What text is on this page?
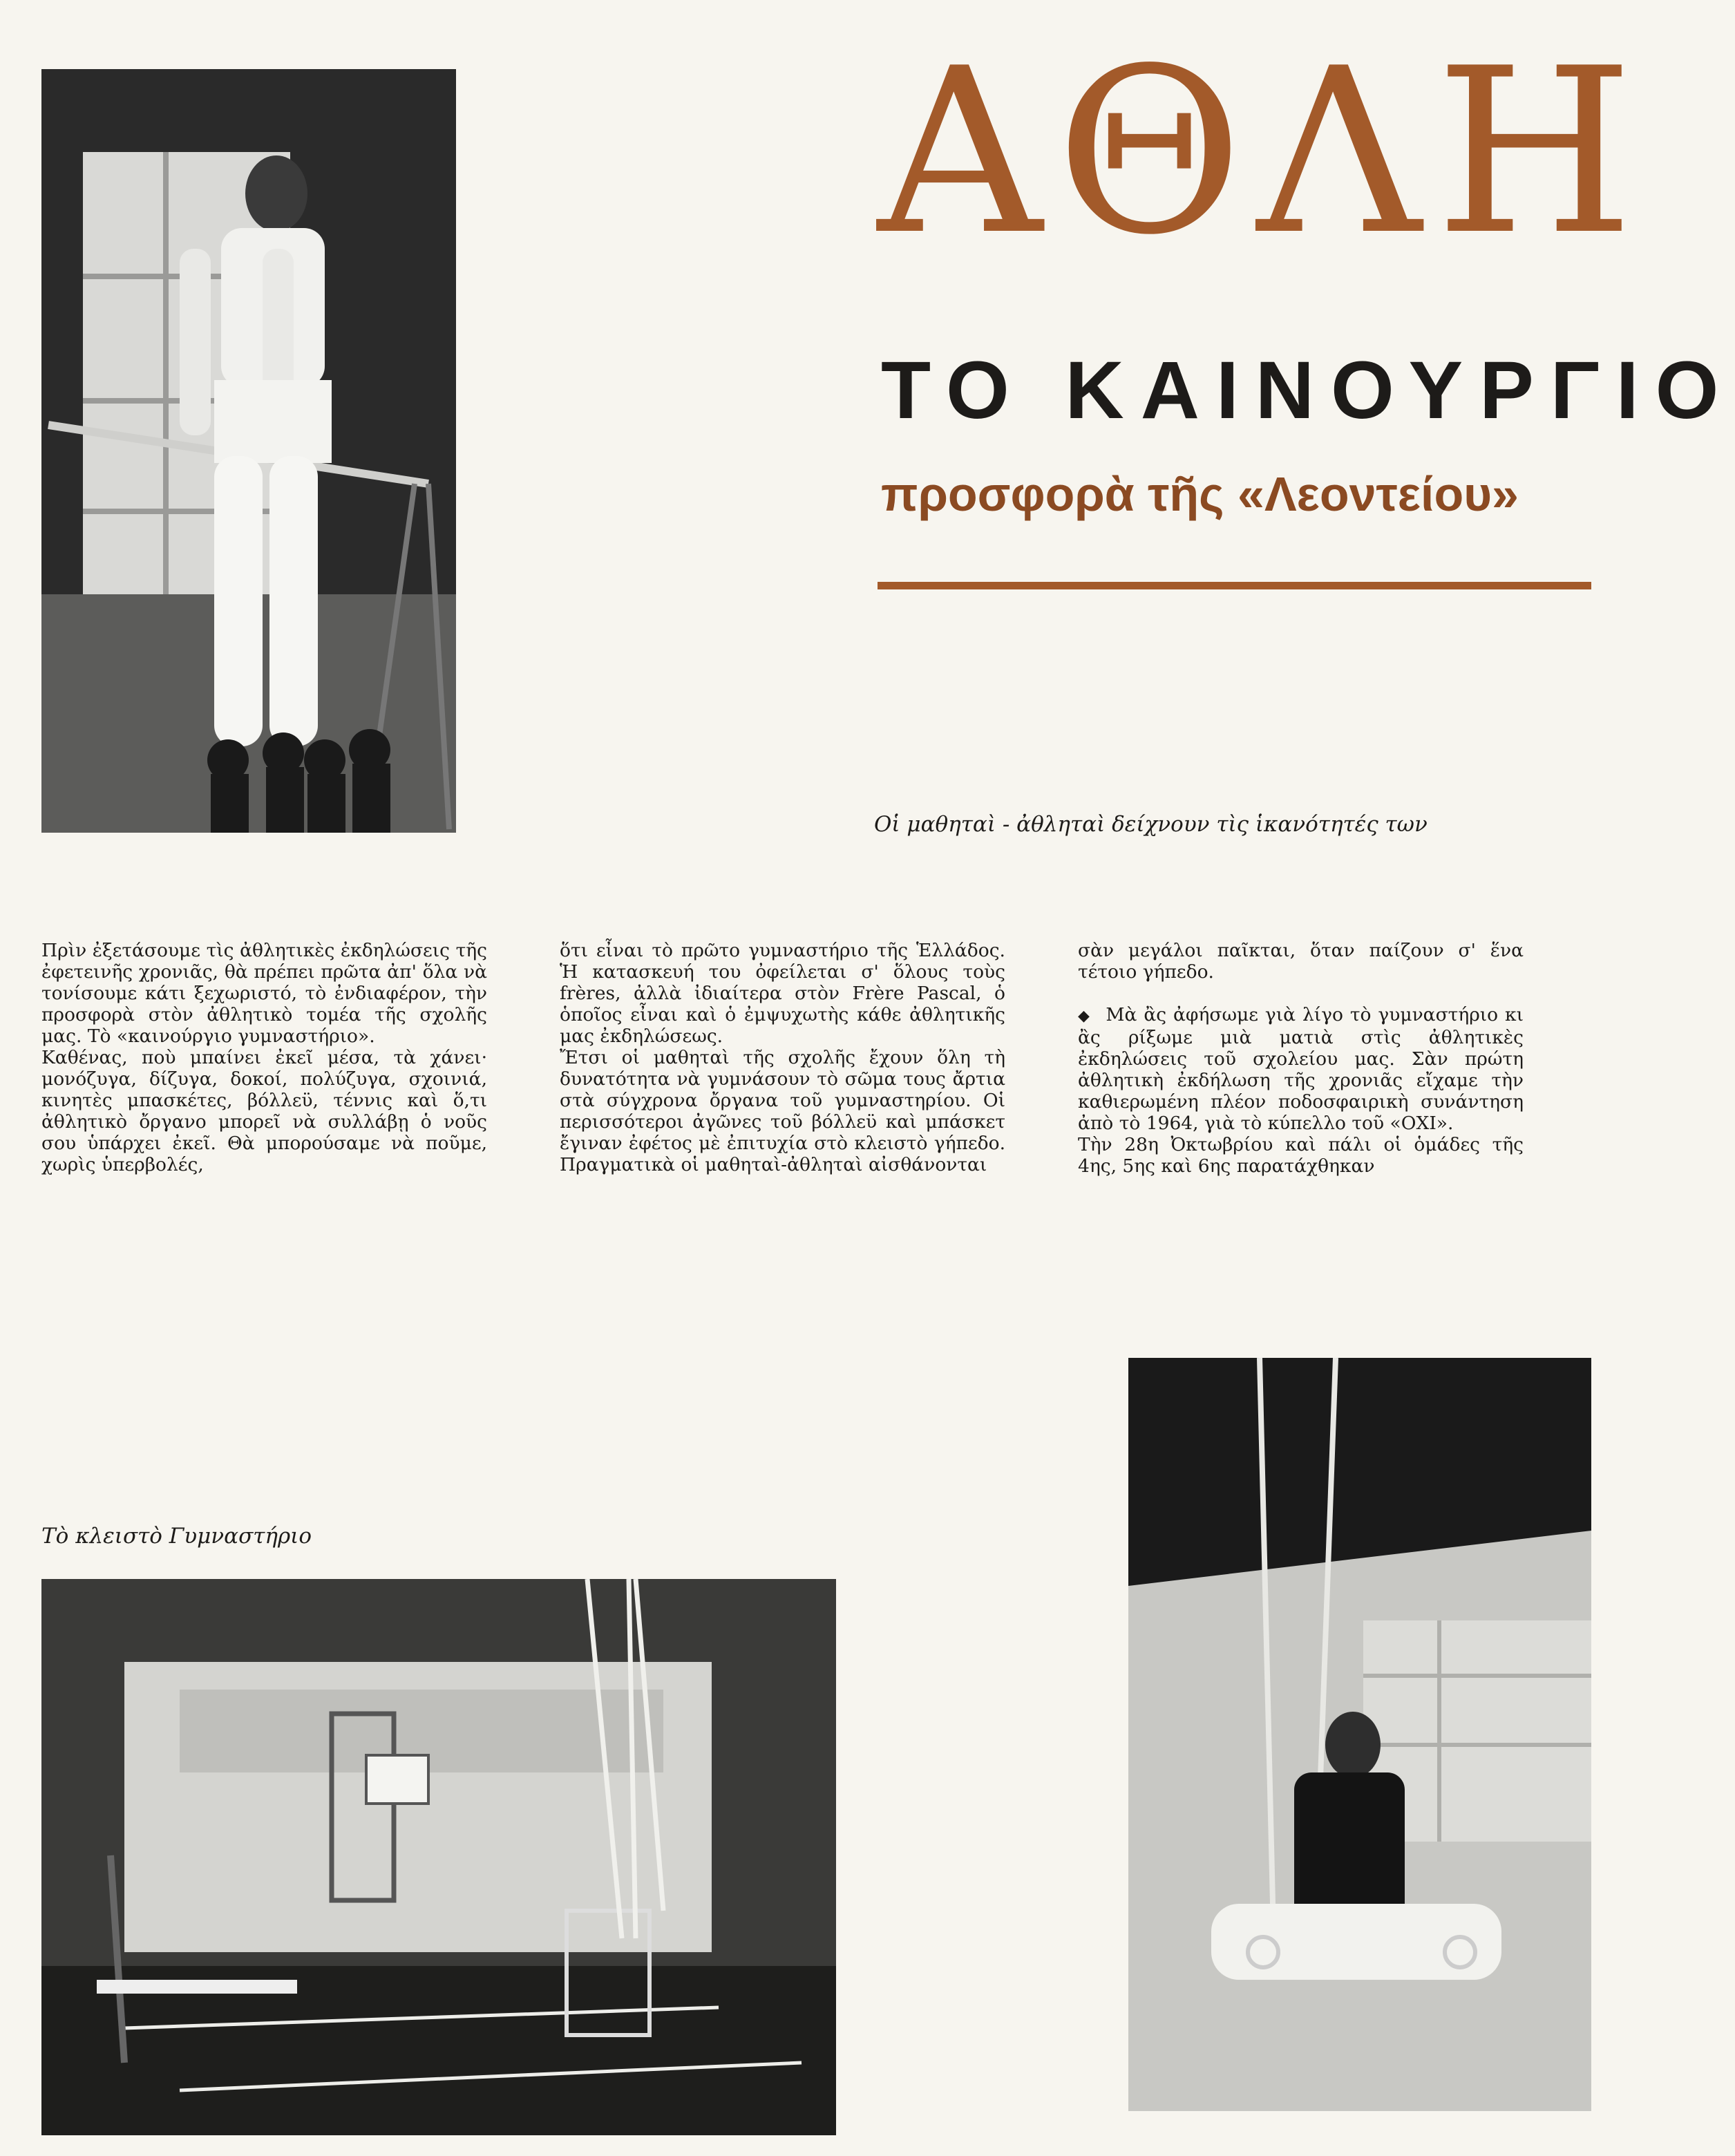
ΑΘΛΗ
ΤΟ ΚΑΙΝΟΥΡΓΙΟ
προσφορὰ τῆς «Λεοντείου»
Οἱ μαθηταὶ - ἀθληταὶ δείχνουν τὶς ἱκανότητές των

Πρὶν ἐξετάσουμε τὶς ἀθλητικὲς ἐκδηλώσεις τῆς ἐφετεινῆς χρονιᾶς, θὰ πρέπει πρῶτα ἀπ' ὅλα νὰ τονίσουμε κάτι ξεχωριστό, τὸ ἐνδιαφέρον, τὴν προσφορὰ στὸν ἀθλητικὸ τομέα τῆς σχολῆς μας. Τὸ «καινούργιο γυμναστήριο».

Καθένας, ποὺ μπαίνει ἐκεῖ μέσα, τὰ χάνει· μονόζυγα, δίζυγα, δοκοί, πολύζυγα, σχοινιά, κινητὲς μπασκέτες, βόλλεϋ, τέννις καὶ ὅ,τι ἀθλητικὸ ὄργανο μπορεῖ νὰ συλλάβῃ ὁ νοῦς σου ὑπάρχει ἐκεῖ. Θὰ μπορούσαμε νὰ ποῦμε, χωρὶς ὑπερβολές,

ὅτι εἶναι τὸ πρῶτο γυμναστήριο τῆς Ἑλλάδος. Ἡ κατασκευή του ὀφείλεται σ' ὅλους τοὺς frères, ἀλλὰ ἰδιαίτερα στὸν Frère Pascal, ὁ ὁποῖος εἶναι καὶ ὁ ἐμψυχωτὴς κάθε ἀθλητικῆς μας ἐκδηλώσεως.

Ἔτσι οἱ μαθηταὶ τῆς σχολῆς ἔχουν ὅλη τὴ δυνατότητα νὰ γυμνάσουν τὸ σῶμα τους ἄρτια στὰ σύγχρονα ὄργανα τοῦ γυμναστηρίου. Οἱ περισσότεροι ἀγῶνες τοῦ βόλλεϋ καὶ μπάσκετ ἔγιναν ἐφέτος μὲ ἐπιτυχία στὸ κλειστὸ γήπεδο. Πραγματικὰ οἱ μαθηταὶ-ἀθληταὶ αἰσθάνονται

σὰν μεγάλοι παῖκται, ὅταν παίζουν σ' ἕνα τέτοιο γήπεδο.

◆ Μὰ ἂς ἀφήσωμε γιὰ λίγο τὸ γυμναστήριο κι ἂς ρίξωμε μιὰ ματιὰ στὶς ἀθλητικὲς ἐκδηλώσεις τοῦ σχολείου μας. Σὰν πρώτη ἀθλητικὴ ἐκδήλωση τῆς χρονιᾶς εἴχαμε τὴν καθιερωμένη πλέον ποδοσφαιρικὴ συνάντηση ἀπὸ τὸ 1964, γιὰ τὸ κύπελλο τοῦ «ΟΧΙ».

Τὴν 28η Ὀκτωβρίου καὶ πάλι οἱ ὁμάδες τῆς 4ης, 5ης καὶ 6ης παρατάχθηκαν

Τὸ κλειστὸ Γυμναστήριο
